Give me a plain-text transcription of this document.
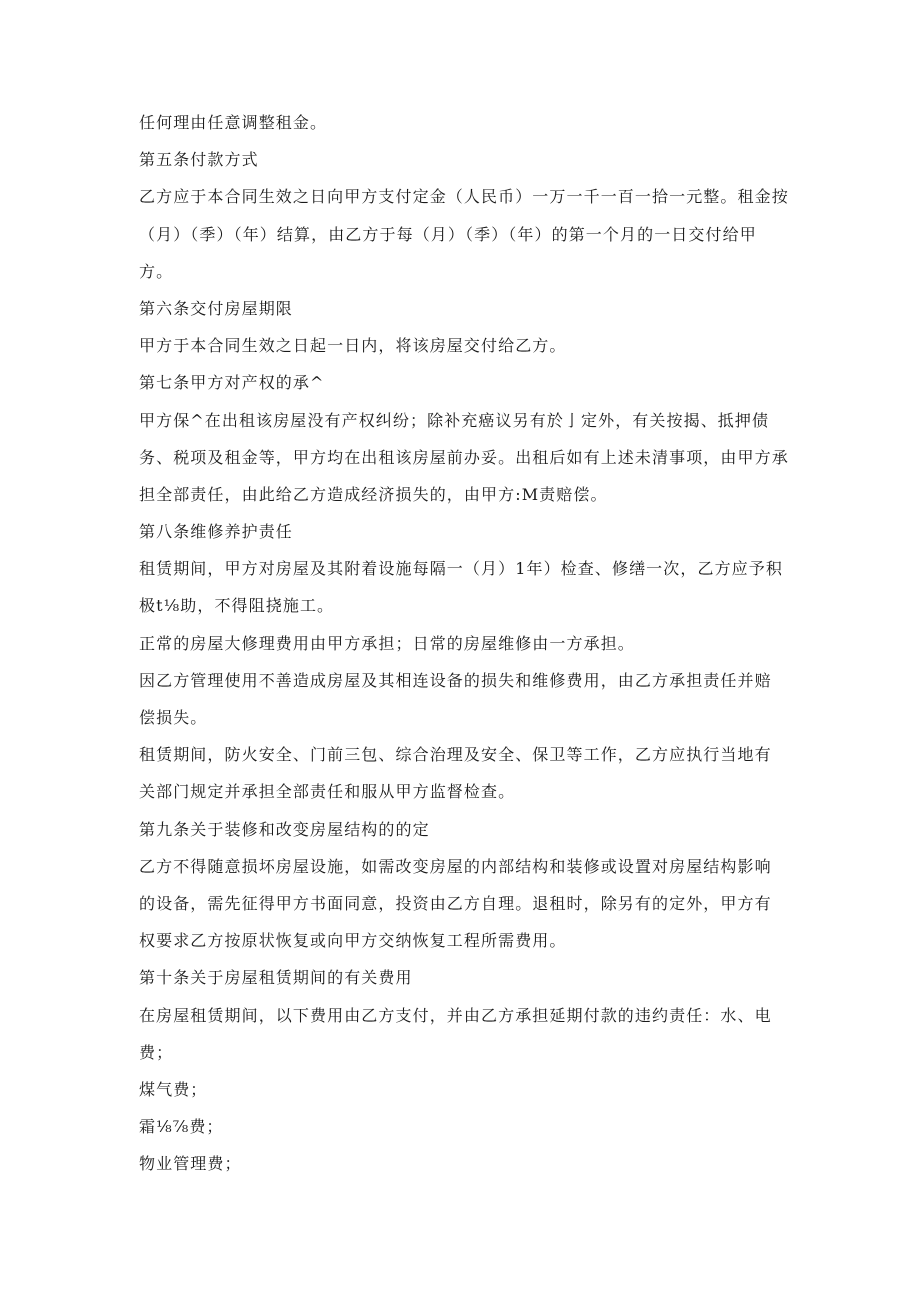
任何理由任意调整租金。

第五条付款方式

乙方应于本合同生效之日向甲方支付定金（人民币）一万一千一百一拾一元整。租金按

（月）（季）（年）结算，由乙方于每（月）（季）（年）的第一个月的一日交付给甲

方。

第六条交付房屋期限

甲方于本合同生效之日起一日内，将该房屋交付给乙方。

第七条甲方对产权的承^

甲方保^在出租该房屋没有产权纠纷；除补充癌议另有於亅定外，有关按揭、抵押债

务、税项及租金等，甲方均在出租该房屋前办妥。出租后如有上述未清事项，由甲方承

担全部责任，由此给乙方造成经济损失的，由甲方:M责赔偿。

第八条维修养护责任

租赁期间，甲方对房屋及其附着设施每隔一（月）1年）检查、修缮一次，乙方应予积

极t⅛助，不得阻挠施工。

正常的房屋大修理费用由甲方承担；日常的房屋维修由一方承担。

因乙方管理使用不善造成房屋及其相连设备的损失和维修费用，由乙方承担责任并赔

偿损失。

租赁期间，防火安全、门前三包、综合治理及安全、保卫等工作，乙方应执行当地有

关部门规定并承担全部责任和服从甲方监督检查。

第九条关于装修和改变房屋结构的的定

乙方不得随意损坏房屋设施，如需改变房屋的内部结构和装修或设置对房屋结构影响

的设备，需先征得甲方书面同意，投资由乙方自理。退租时，除另有的定外，甲方有

权要求乙方按原状恢复或向甲方交纳恢复工程所需费用。

第十条关于房屋租赁期间的有关费用

在房屋租赁期间，以下费用由乙方支付，并由乙方承担延期付款的违约责任：水、电

费；

煤气费；

霜⅛⅞费；

物业管理费；
